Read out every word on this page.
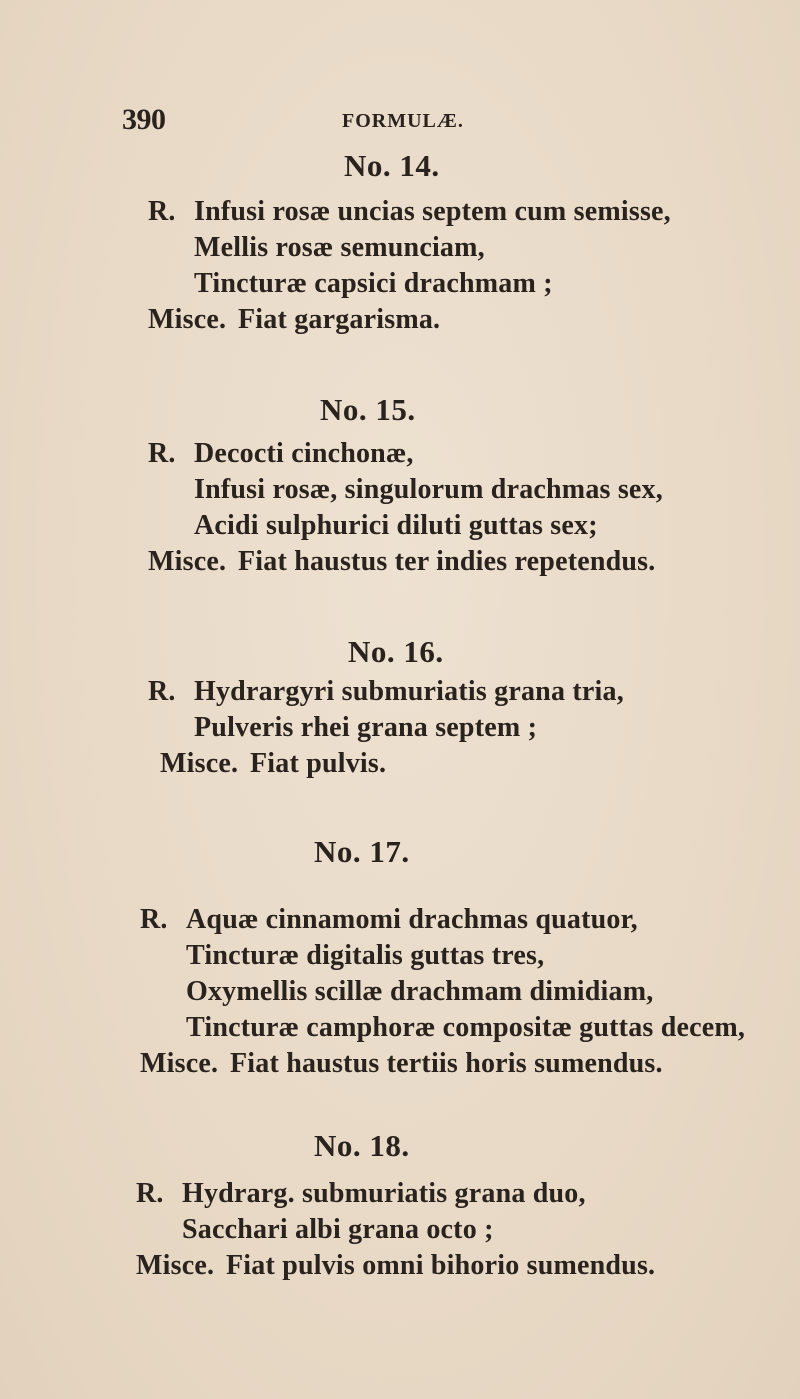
390	FORMULÆ.
No. 14.
R. Infusi rosæ uncias septem cum semisse,
Mellis rosæ semunciam,
Tincturæ capsici drachmam ;
Misce. Fiat gargarisma.
No. 15.
R. Decocti cinchonæ,
Infusi rosæ, singulorum drachmas sex,
Acidi sulphurici diluti guttas sex;
Misce. Fiat haustus ter indies repetendus.
No. 16.
R. Hydrargyri submuriatis grana tria,
Pulveris rhei grana septem ;
Misce. Fiat pulvis.
No. 17.
R. Aquæ cinnamomi drachmas quatuor,
Tincturæ digitalis guttas tres,
Oxymellis scillæ drachmam dimidiam,
Tincturæ camphoræ compositæ guttas decem,
Misce. Fiat haustus tertiis horis sumendus.
No. 18.
R. Hydrarg. submuriatis grana duo,
Sacchari albi grana octo ;
Misce. Fiat pulvis omni bihorio sumendus.
